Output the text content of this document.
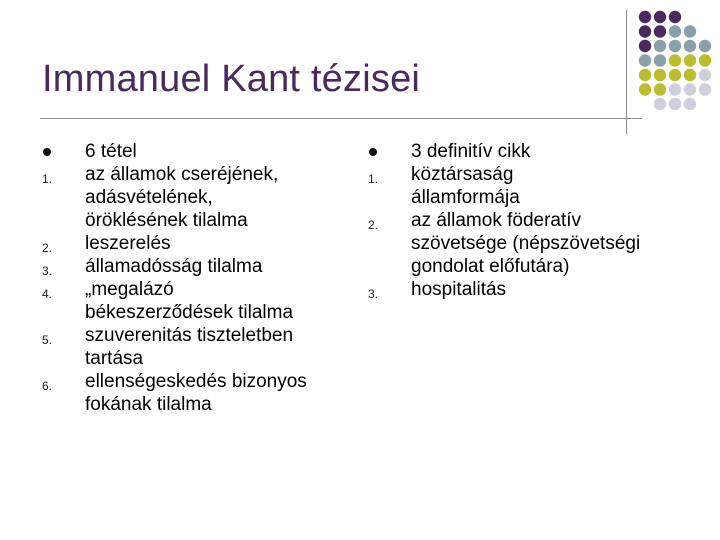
Immanuel Kant tézisei
6 tétel
1. az államok cseréjének,
adásvételének,
öröklésének tilalma
2. leszerelés
3. államadósság tilalma
4. „megalázó
békeszerződések tilalma
5. szuverenitás tiszteletben
tartása
6. ellenségeskedés bizonyos
fokának tilalma
3 definitív cikk
1. köztársaság
államformája
2. az államok föderatív
szövetsége (népszövetségi
gondolat előfutára)
3. hospitalitás
